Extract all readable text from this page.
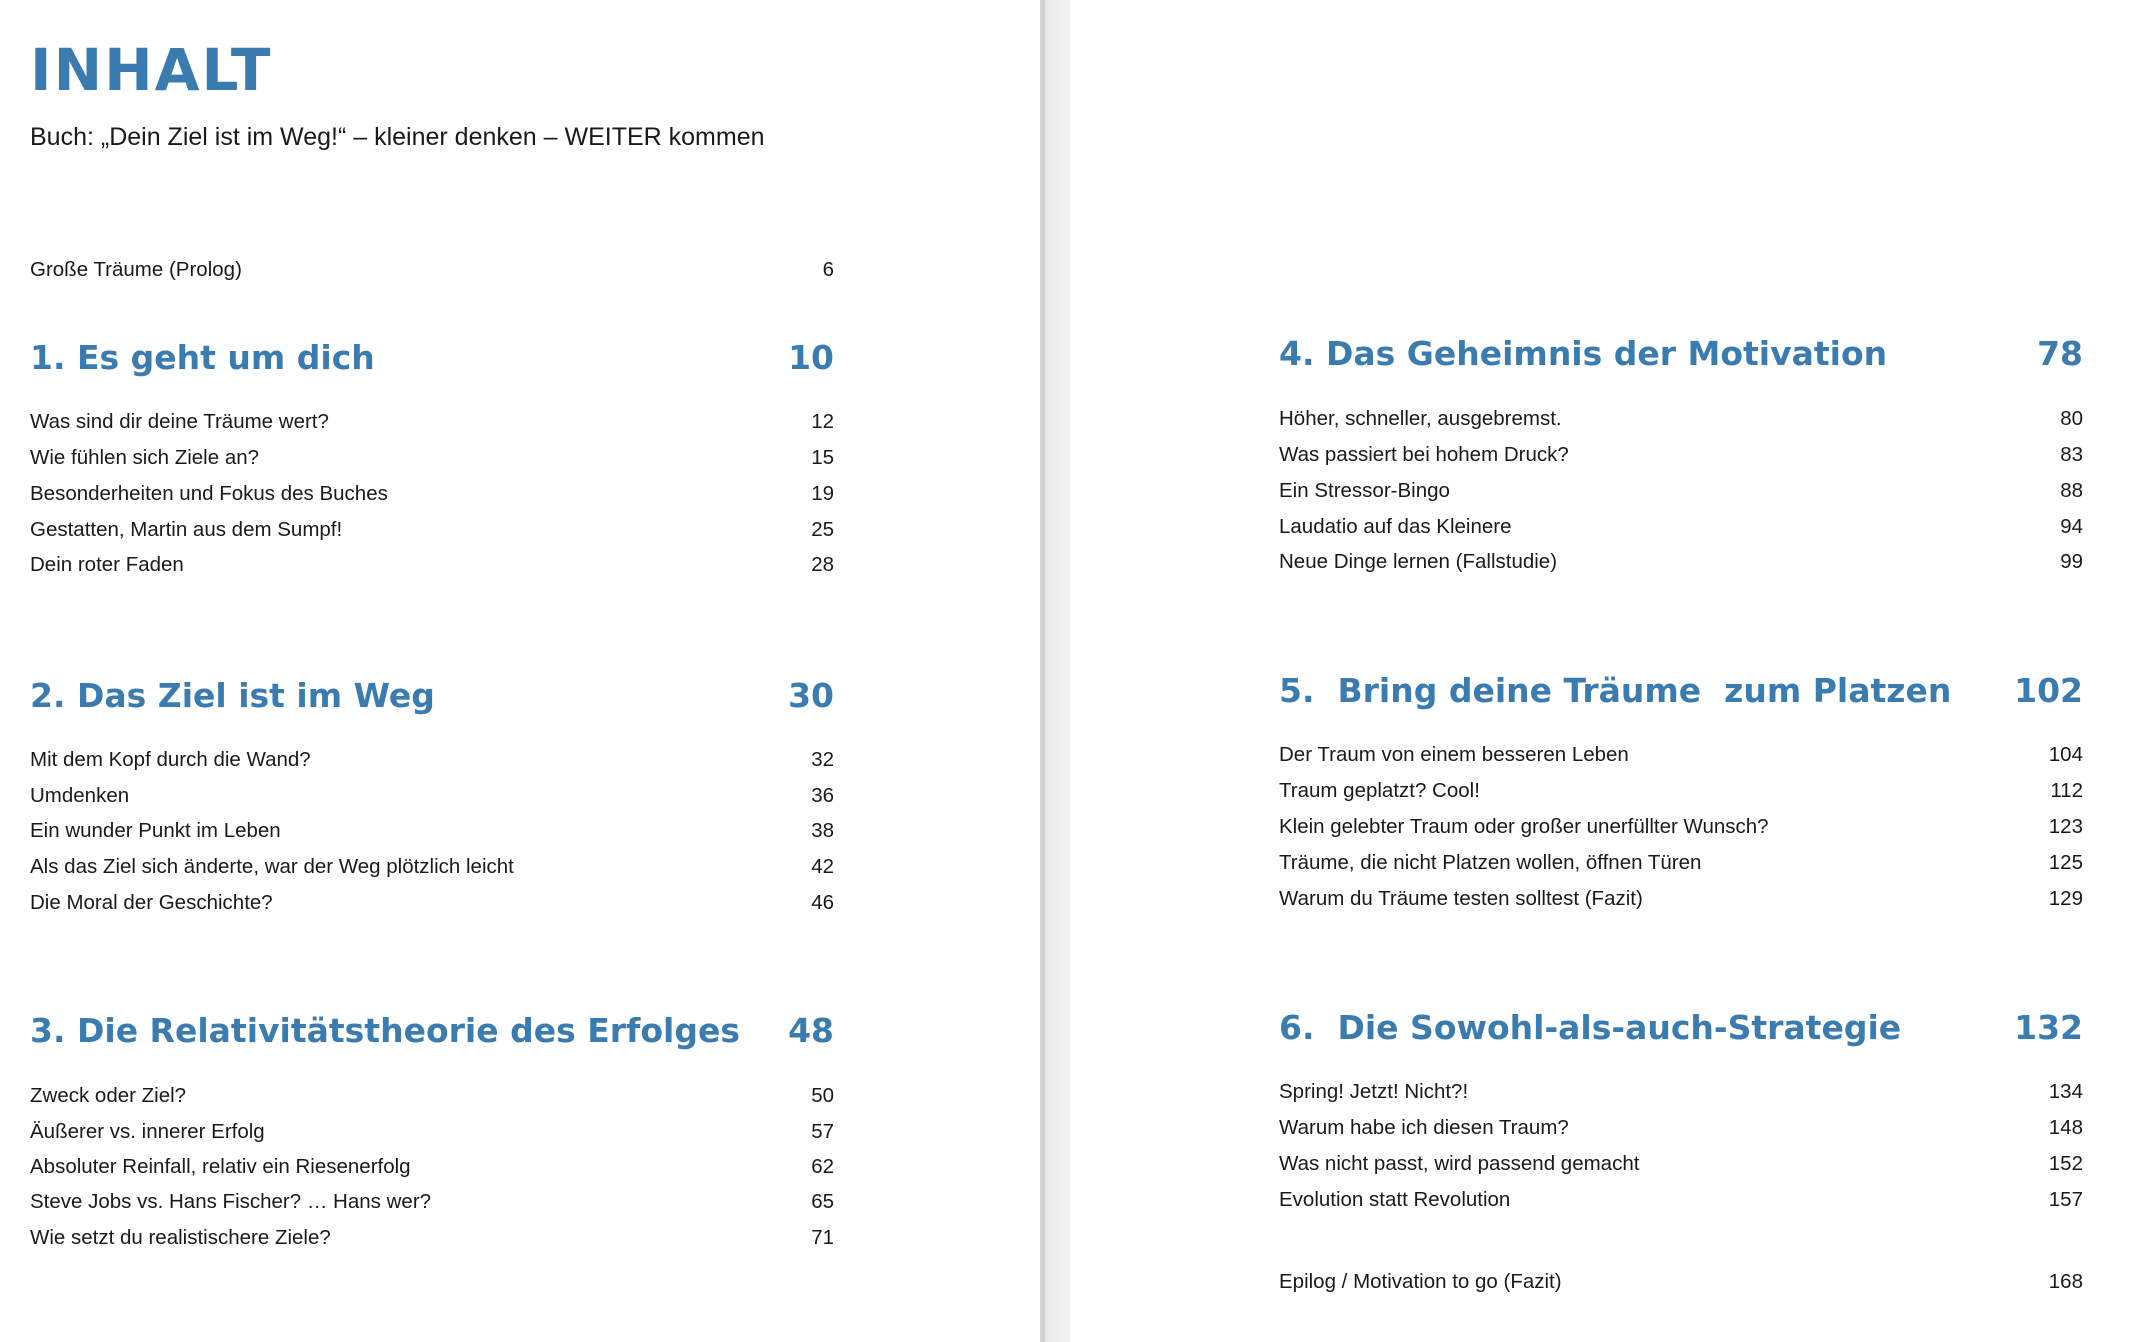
INHALT

Buch: „Dein Ziel ist im Weg!“ – kleiner denken – WEITER kommen

Große Träume (Prolog)	6
1. Es geht um dich	10
Was sind dir deine Träume wert?	12
Wie fühlen sich Ziele an?	15
Besonderheiten und Fokus des Buches	19
Gestatten, Martin aus dem Sumpf!	25
Dein roter Faden	28
2. Das Ziel ist im Weg	30
Mit dem Kopf durch die Wand?	32
Umdenken	36
Ein wunder Punkt im Leben	38
Als das Ziel sich änderte, war der Weg plötzlich leicht	42
Die Moral der Geschichte?	46
3. Die Relativitätstheorie des Erfolges 48
Zweck oder Ziel?	50
Äußerer vs. innerer Erfolg	57
Absoluter Reinfall, relativ ein Riesenerfolg	62
Steve Jobs vs. Hans Fischer? … Hans wer?	65
Wie setzt du realistischere Ziele?	71
4. Das Geheimnis der Motivation	78
Höher, schneller, ausgebremst.	80
Was passiert bei hohem Druck?	83
Ein Stressor-Bingo	88
Laudatio auf das Kleinere	94
Neue Dinge lernen (Fallstudie)	99
5.  Bring deine Träume  zum Platzen 102
Der Traum von einem besseren Leben	104
Traum geplatzt? Cool!	112
Klein gelebter Traum oder großer unerfüllter Wunsch?	123
Träume, die nicht Platzen wollen, öffnen Türen	125
Warum du Träume testen solltest (Fazit)	129
6.  Die Sowohl-als-auch-Strategie	132
Spring! Jetzt! Nicht?!	134
Warum habe ich diesen Traum?	148
Was nicht passt, wird passend gemacht	152
Evolution statt Revolution	157
Epilog / Motivation to go (Fazit)	168
